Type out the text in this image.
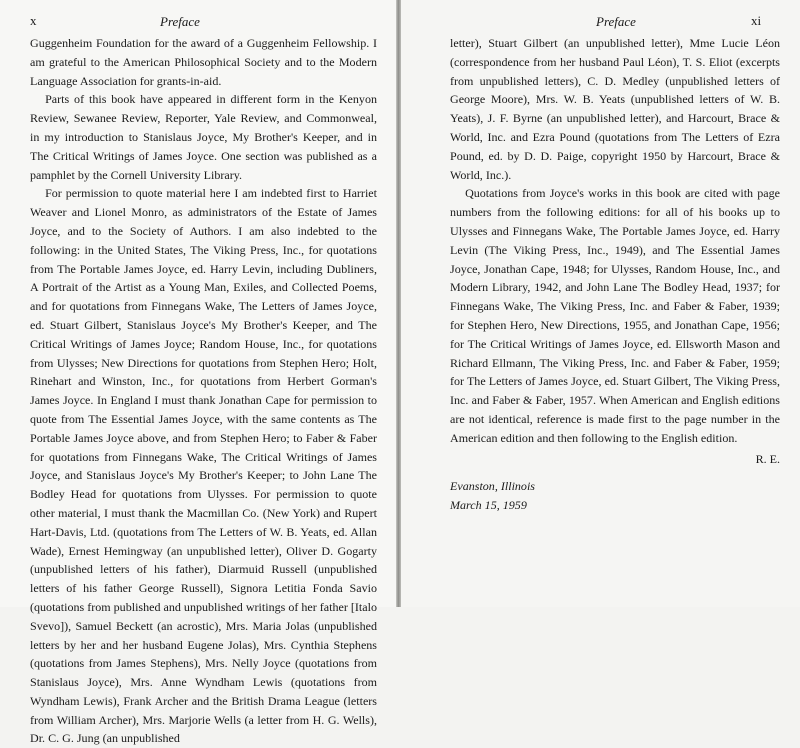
x	Preface	Preface	xi

Guggenheim Foundation for the award of a Guggenheim Fellowship. I am grateful to the American Philosophical Society and to the Modern Language Association for grants-in-aid.

Parts of this book have appeared in different form in the Kenyon Review, Sewanee Review, Reporter, Yale Review, and Commonweal, in my introduction to Stanislaus Joyce, My Brother's Keeper, and in The Critical Writings of James Joyce. One section was published as a pamphlet by the Cornell University Library.

For permission to quote material here I am indebted first to Harriet Weaver and Lionel Monro, as administrators of the Estate of James Joyce, and to the Society of Authors. I am also indebted to the following: in the United States, The Viking Press, Inc., for quotations from The Portable James Joyce, ed. Harry Levin, including Dubliners, A Portrait of the Artist as a Young Man, Exiles, and Collected Poems, and for quotations from Finnegans Wake, The Letters of James Joyce, ed. Stuart Gilbert, Stanislaus Joyce's My Brother's Keeper, and The Critical Writings of James Joyce; Random House, Inc., for quotations from Ulysses; New Directions for quotations from Stephen Hero; Holt, Rinehart and Winston, Inc., for quotations from Herbert Gorman's James Joyce. In England I must thank Jonathan Cape for permission to quote from The Essential James Joyce, with the same contents as The Portable James Joyce above, and from Stephen Hero; to Faber & Faber for quotations from Finnegans Wake, The Critical Writings of James Joyce, and Stanislaus Joyce's My Brother's Keeper; to John Lane The Bodley Head for quotations from Ulysses. For permission to quote other material, I must thank the Macmillan Co. (New York) and Rupert Hart-Davis, Ltd. (quotations from The Letters of W. B. Yeats, ed. Allan Wade), Ernest Hemingway (an unpublished letter), Oliver D. Gogarty (unpublished letters of his father), Diarmuid Russell (unpublished letters of his father George Russell), Signora Letitia Fonda Savio (quotations from published and unpublished writings of her father [Italo Svevo]), Samuel Beckett (an acrostic), Mrs. Maria Jolas (unpublished letters by her and her husband Eugene Jolas), Mrs. Cynthia Stephens (quotations from James Stephens), Mrs. Nelly Joyce (quotations from Stanislaus Joyce), Mrs. Anne Wyndham Lewis (quotations from Wyndham Lewis), Frank Archer and the British Drama League (letters from William Archer), Mrs. Marjorie Wells (a letter from H. G. Wells), Dr. C. G. Jung (an unpublished

letter), Stuart Gilbert (an unpublished letter), Mme Lucie Léon (correspondence from her husband Paul Léon), T. S. Eliot (excerpts from unpublished letters), C. D. Medley (unpublished letters of George Moore), Mrs. W. B. Yeats (unpublished letters of W. B. Yeats), J. F. Byrne (an unpublished letter), and Harcourt, Brace & World, Inc. and Ezra Pound (quotations from The Letters of Ezra Pound, ed. by D. D. Paige, copyright 1950 by Harcourt, Brace & World, Inc.).

Quotations from Joyce's works in this book are cited with page numbers from the following editions: for all of his books up to Ulysses and Finnegans Wake, The Portable James Joyce, ed. Harry Levin (The Viking Press, Inc., 1949), and The Essential James Joyce, Jonathan Cape, 1948; for Ulysses, Random House, Inc., and Modern Library, 1942, and John Lane The Bodley Head, 1937; for Finnegans Wake, The Viking Press, Inc. and Faber & Faber, 1939; for Stephen Hero, New Directions, 1955, and Jonathan Cape, 1956; for The Critical Writings of James Joyce, ed. Ellsworth Mason and Richard Ellmann, The Viking Press, Inc. and Faber & Faber, 1959; for The Letters of James Joyce, ed. Stuart Gilbert, The Viking Press, Inc. and Faber & Faber, 1957. When American and English editions are not identical, reference is made first to the page number in the American edition and then following to the English edition.

R. E.
Evanston, Illinois
March 15, 1959
